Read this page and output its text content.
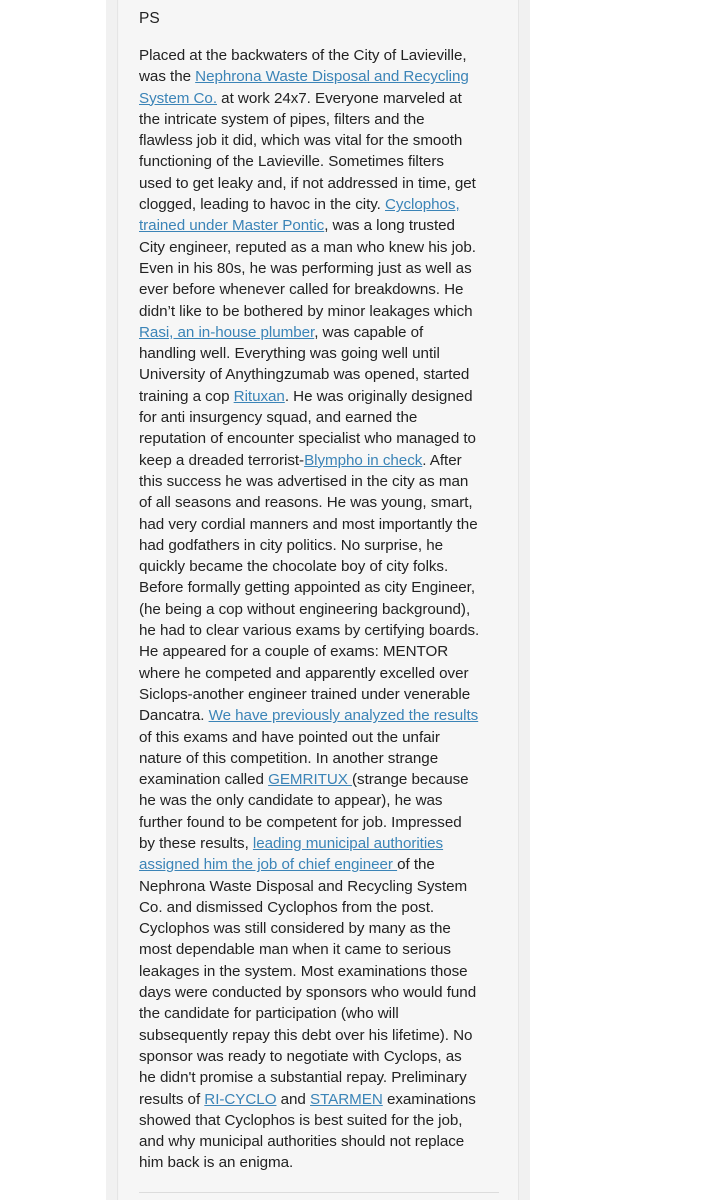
PS
Placed at the backwaters of the City of Lavieville,
was the Nephrona Waste Disposal and Recycling
System Co. at work 24x7. Everyone marveled at
the intricate system of pipes, filters and the
flawless job it did, which was vital for the smooth
functioning of the Lavieville. Sometimes filters
used to get leaky and, if not addressed in time, get
clogged, leading to havoc in the city. Cyclophos,
trained under Master Pontic, was a long trusted
City engineer, reputed as a man who knew his job.
Even in his 80s, he was performing just as well as
ever before whenever called for breakdowns. He
didn’t like to be bothered by minor leakages which
Rasi, an in-house plumber, was capable of
handling well. Everything was going well until
University of Anythingzumab was opened, started
training a cop Rituxan. He was originally designed
for anti insurgency squad, and earned the
reputation of encounter specialist who managed to
keep a dreaded terrorist-Blympho in check. After
this success he was advertised in the city as man
of all seasons and reasons. He was young, smart,
had very cordial manners and most importantly the
had godfathers in city politics. No surprise, he
quickly became the chocolate boy of city folks.
Before formally getting appointed as city Engineer,
(he being a cop without engineering background),
he had to clear various exams by certifying boards.
He appeared for a couple of exams: MENTOR
where he competed and apparently excelled over
Siclops-another engineer trained under venerable
Dancatra. We have previously analyzed the results
of this exams and have pointed out the unfair
nature of this competition. In another strange
examination called GEMRITUX (strange because
he was the only candidate to appear), he was
further found to be competent for job. Impressed
by these results, leading municipal authorities
assigned him the job of chief engineer of the
Nephrona Waste Disposal and Recycling System
Co. and dismissed Cyclophos from the post.
Cyclophos was still considered by many as the
most dependable man when it came to serious
leakages in the system. Most examinations those
days were conducted by sponsors who would fund
the candidate for participation (who will
subsequently repay this debt over his lifetime). No
sponsor was ready to negotiate with Cyclops, as
he didn't promise a substantial repay. Preliminary
results of RI-CYCLO and STARMEN examinations
showed that Cyclophos is best suited for the job,
and why municipal authorities should not replace
him back is an enigma.
